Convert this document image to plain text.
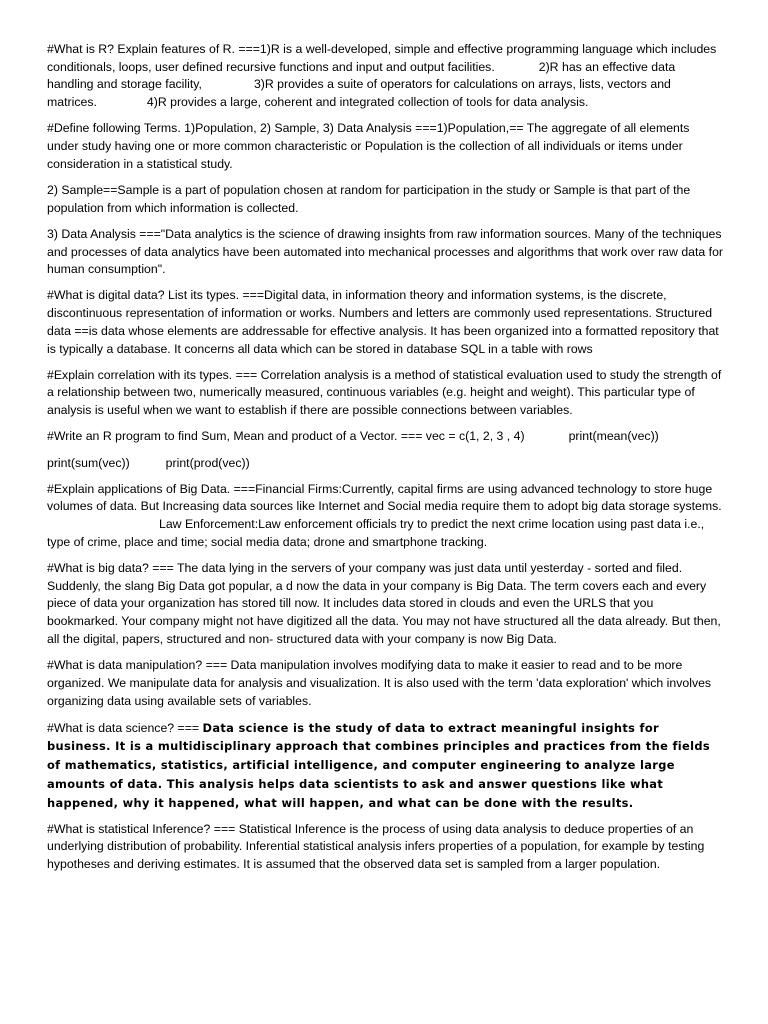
#What is R? Explain features of R. ===1)R is a well-developed, simple and effective programming language which includes conditionals, loops, user defined recursive functions and input and output facilities.	2)R has an effective data handling and storage facility,	3)R provides a suite of operators for calculations on arrays, lists, vectors and matrices.	4)R provides a large, coherent and integrated collection of tools for data analysis.

#Define following Terms. 1)Population, 2) Sample, 3) Data Analysis ===1)Population,== The aggregate of all elements under study having one or more common characteristic or Population is the collection of all individuals or items under consideration in a statistical study.

2) Sample==Sample is a part of population chosen at random for participation in the study or Sample is that part of the population from which information is collected.

3) Data Analysis ==="Data analytics is the science of drawing insights from raw information sources. Many of the techniques and processes of data analytics have been automated into mechanical processes and algorithms that work over raw data for human consumption".

#What is digital data? List its types. ===Digital data, in information theory and information systems, is the discrete, discontinuous representation of information or works. Numbers and letters are commonly used representations. Structured data ==is data whose elements are addressable for effective analysis. It has been organized into a formatted repository that is typically a database. It concerns all data which can be stored in database SQL in a table with rows

#Explain correlation with its types. === Correlation analysis is a method of statistical evaluation used to study the strength of a relationship between two, numerically measured, continuous variables (e.g. height and weight). This particular type of analysis is useful when we want to establish if there are possible connections between variables.

#Write an R program to find Sum, Mean and product of a Vector. === vec = c(1, 2, 3 , 4)	print(mean(vec))

print(sum(vec))	print(prod(vec))

#Explain applications of Big Data. ===Financial Firms:Currently, capital firms are using advanced technology to store huge volumes of data. But Increasing data sources like Internet and Social media require them to adopt big data storage systems.Law Enforcement:Law enforcement officials try to predict the next crime location using past data i.e., type of crime, place and time; social media data; drone and smartphone tracking.

#What is big data? === The data lying in the servers of your company was just data until yesterday - sorted and filed. Suddenly, the slang Big Data got popular, a d now the data in your company is Big Data. The term covers each and every piece of data your organization has stored till now. It includes data stored in clouds and even the URLS that you bookmarked. Your company might not have digitized all the data. You may not have structured all the data already. But then, all the digital, papers, structured and non- structured data with your company is now Big Data.

#What is data manipulation? === Data manipulation involves modifying data to make it easier to read and to be more organized. We manipulate data for analysis and visualization. It is also used with the term 'data exploration' which involves organizing data using available sets of variables.

#What is data science? === Data science is the study of data to extract meaningful insights for business. It is a multidisciplinary approach that combines principles and practices from the fields of mathematics, statistics, artificial intelligence, and computer engineering to analyze large amounts of data. This analysis helps data scientists to ask and answer questions like what happened, why it happened, what will happen, and what can be done with the results.

#What is statistical Inference? === Statistical Inference is the process of using data analysis to deduce properties of an underlying distribution of probability. Inferential statistical analysis infers properties of a population, for example by testing hypotheses and deriving estimates. It is assumed that the observed data set is sampled from a larger population.
